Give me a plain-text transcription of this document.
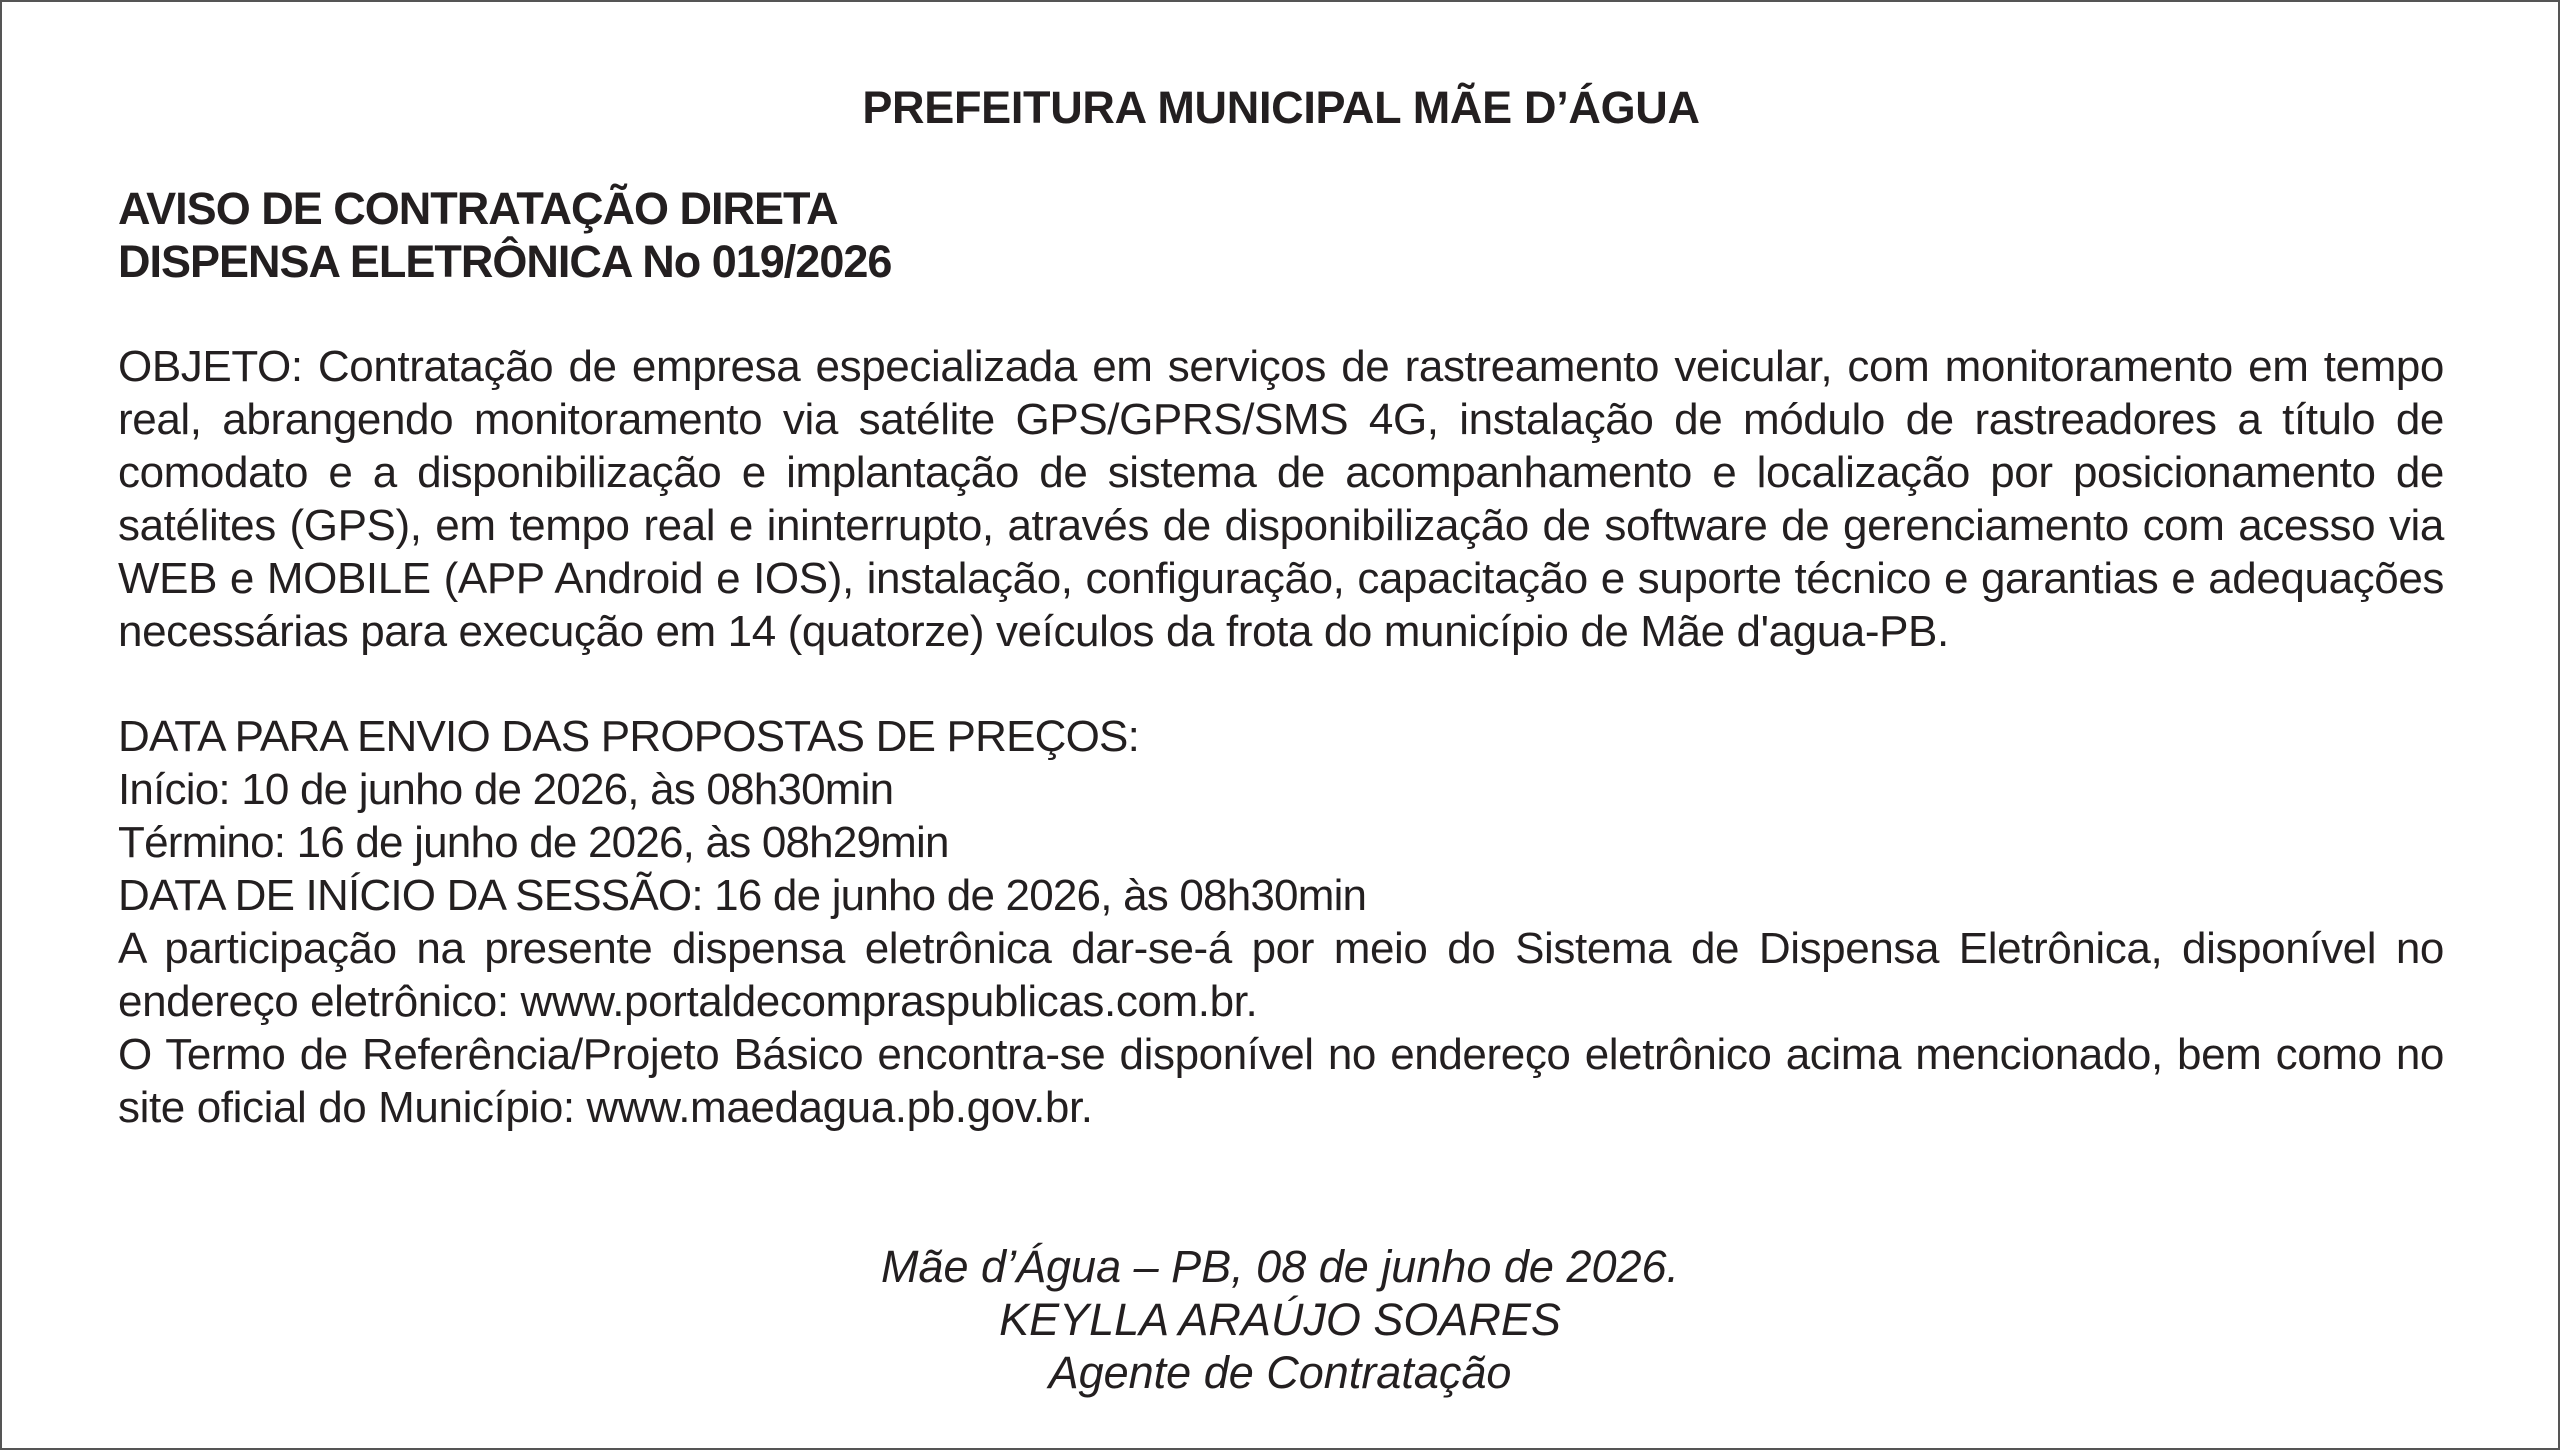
PREFEITURA MUNICIPAL MÃE D’ÁGUA
AVISO DE CONTRATAÇÃO DIRETA
DISPENSA ELETRÔNICA No 019/2026

OBJETO: Contratação de empresa especializada em serviços de rastreamento veicular, com monitoramento em tempo real, abrangendo monitoramento via satélite GPS/GPRS/SMS 4G, instalação de módulo de rastreadores a título de comodato e a disponibilização e implantação de sistema de acompanhamento e localização por posicionamento de satélites (GPS), em tempo real e ininterrupto, através de disponibilização de software de gerenciamento com acesso via WEB e MOBILE (APP Android e IOS), instalação, configuração, capacitação e suporte técnico e garantias e adequações necessárias para execução em 14 (quatorze) veículos da frota do município de Mãe d'agua-PB.

DATA PARA ENVIO DAS PROPOSTAS DE PREÇOS:
Início: 10 de junho de 2026, às 08h30min
Término: 16 de junho de 2026, às 08h29min
DATA DE INÍCIO DA SESSÃO: 16 de junho de 2026, às 08h30min

A participação na presente dispensa eletrônica dar-se-á por meio do Sistema de Dispensa Eletrônica, disponível no endereço eletrônico: www.portaldecompraspublicas.com.br.

O Termo de Referência/Projeto Básico encontra-se disponível no endereço eletrônico acima mencionado, bem como no site oficial do Município: www.maedagua.pb.gov.br.

Mãe d’Água – PB, 08 de junho de 2026.
KEYLLA ARAÚJO SOARES
Agente de Contratação
